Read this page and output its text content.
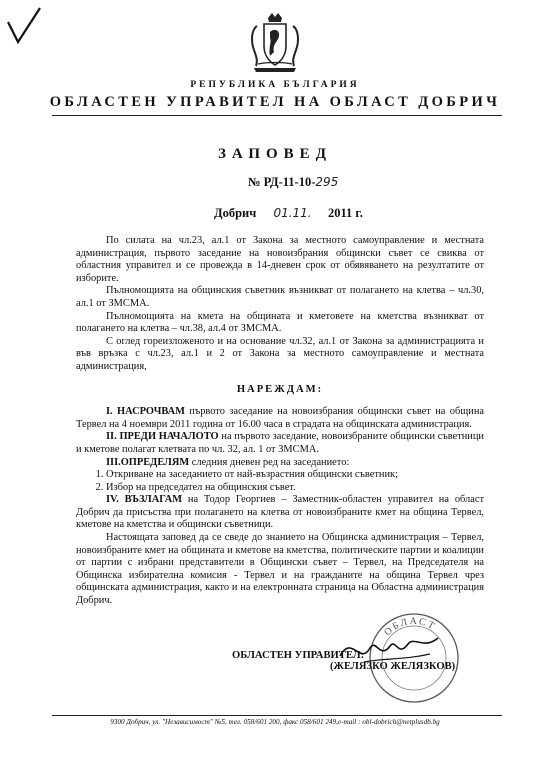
РЕПУБЛИКА БЪЛГАРИЯ
ОБЛАСТЕН УПРАВИТЕЛ НА ОБЛАСТ ДОБРИЧ
ЗАПОВЕД
№ РД-11-10-295
Добрич 01.11. 2011 г.

По силата на чл.23, ал.1 от Закона за местното самоуправление и местната администрация, първото заседание на новоизбрания общински съвет се свиква от областния управител и се провежда в 14-дневен срок от обявяването на резултатите от изборите.

Пълномощията на общинския съветник възникват от полагането на клетва – чл.30, ал.1 от ЗМСМА.

Пълномощията на кмета на общината и кметовете на кметства възникват от полагането на клетва – чл.38, ал.4 от ЗМСМА.

С оглед гореизложеното и на основание чл.32, ал.1 от Закона за администрацията и във връзка с чл.23, ал.1 и 2 от Закона за местното самоуправление и местната администрация,

НАРЕЖДАМ:

I. НАСРОЧВАМ първото заседание на новоизбрания общински съвет на община Тервел на 4 ноември 2011 година от 16.00 часа в сградата на общинската администрация.

II. ПРЕДИ НАЧАЛОТО на първото заседание, новоизбраните общински съветници и кметове полагат клетвата по чл. 32, ал. 1 от ЗМСМА.

III.ОПРЕДЕЛЯМ следния дневен ред на заседанието:

1. Откриване на заседанието от най-възрастния общински съветник;
2. Избор на председател на общинския съвет.

IV. ВЪЗЛАГАМ на Тодор Георгиев – Заместник-областен управител на област Добрич да присъства при полагането на клетва от новоизбраните кмет на община Тервел, кметове на кметства и общински съветници.

Настоящата заповед да се сведе до знанието на Общинска администрация – Тервел, новоизбраните кмет на общината и кметове на кметства, политическите партии и коалиции от партии с избрани представители в Общински съвет – Тервел, на Председателя на Общинска избирателна комисия - Тервел и на гражданите на община Тервел чрез общинската администрация, както и на електронната страница на Областна администрация Добрич.

ОБЛАСТ
ОБЛАСТЕН УПРАВИТЕЛ:
(ЖЕЛЯЗКО ЖЕЛЯЗКОВ)
9300 Добрич, ул. "Независимост" №5, тел. 058/601 200, факс 058/601 249,e-mail : obl-dobrich@netplusdb.bg
